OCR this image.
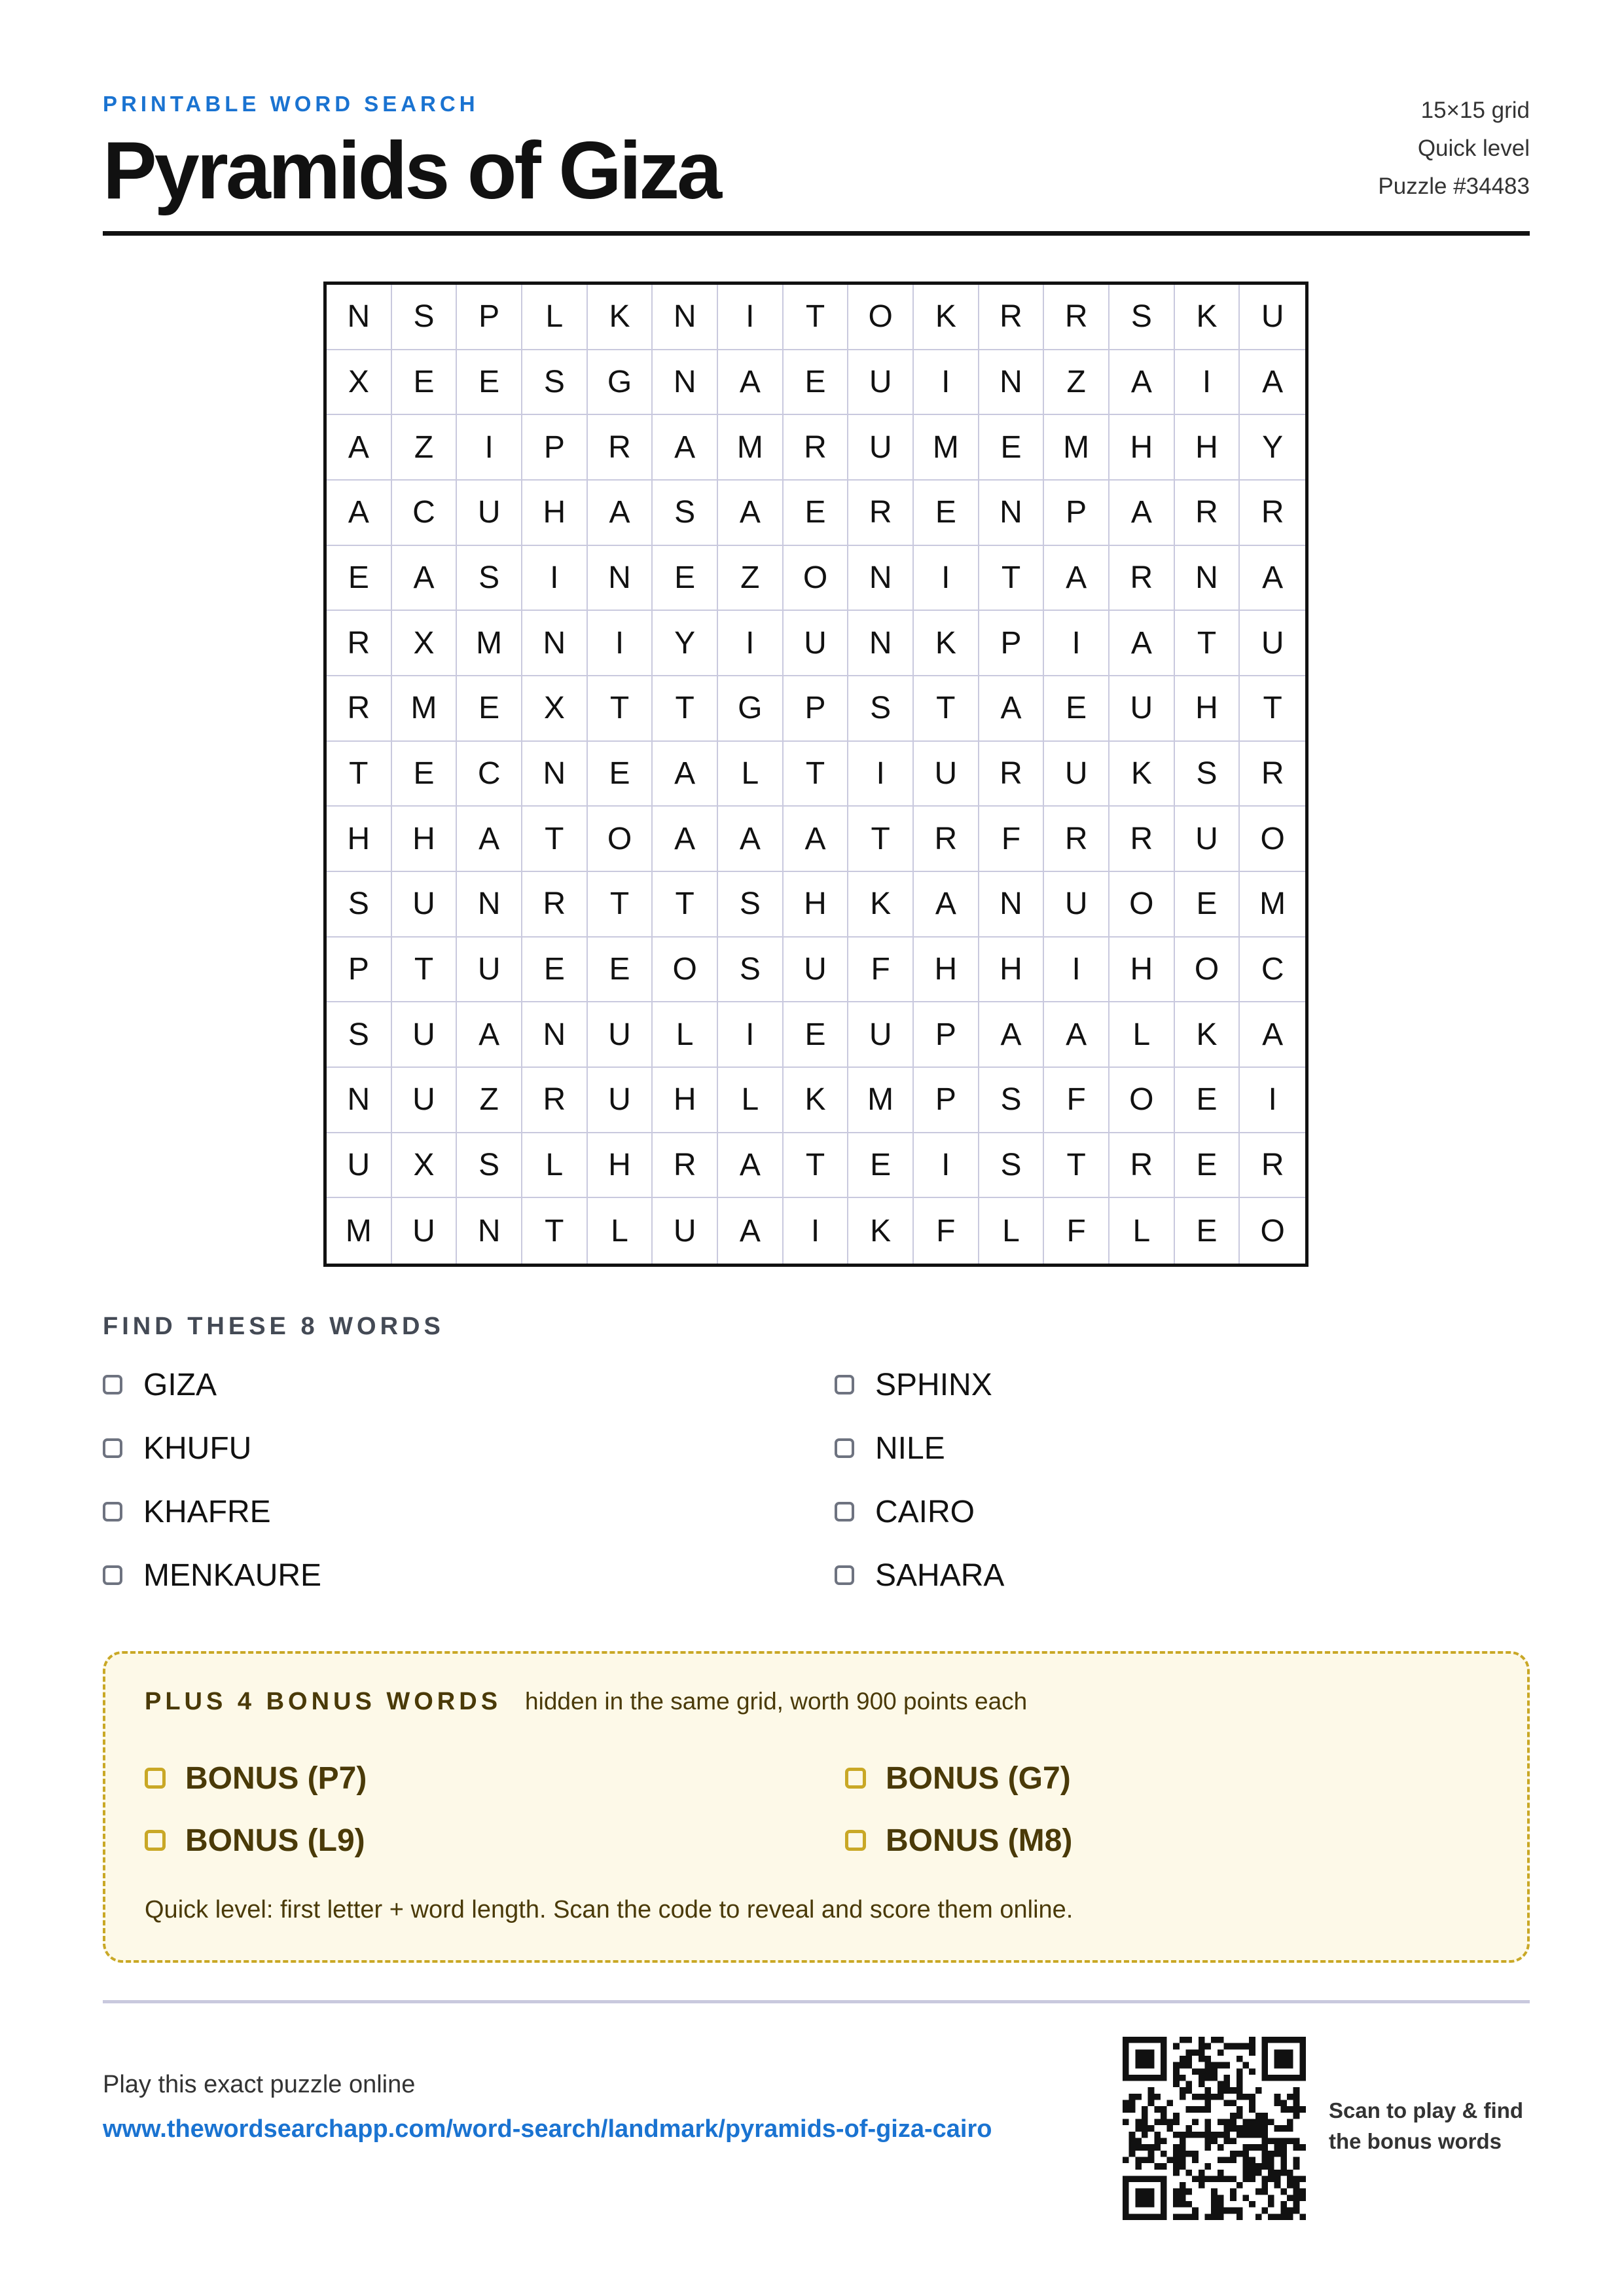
PRINTABLE WORD SEARCH
Pyramids of Giza
15×15 grid
Quick level
Puzzle #34483
N	S	P	L	K	N	I	T	O	K	R	R	S	K	U
X	E	E	S	G	N	A	E	U	I	N	Z	A	I	A
A	Z	I	P	R	A	M	R	U	M	E	M	H	H	Y
A	C	U	H	A	S	A	E	R	E	N	P	A	R	R
E	A	S	I	N	E	Z	O	N	I	T	A	R	N	A
R	X	M	N	I	Y	I	U	N	K	P	I	A	T	U
R	M	E	X	T	T	G	P	S	T	A	E	U	H	T
T	E	C	N	E	A	L	T	I	U	R	U	K	S	R
H	H	A	T	O	A	A	A	T	R	F	R	R	U	O
S	U	N	R	T	T	S	H	K	A	N	U	O	E	M
P	T	U	E	E	O	S	U	F	H	H	I	H	O	C
S	U	A	N	U	L	I	E	U	P	A	A	L	K	A
N	U	Z	R	U	H	L	K	M	P	S	F	O	E	I
U	X	S	L	H	R	A	T	E	I	S	T	R	E	R
M	U	N	T	L	U	A	I	K	F	L	F	L	E	O
FIND THESE 8 WORDS
GIZA	SPHINX
KHUFU	NILE
KHAFRE	CAIRO
MENKAURE	SAHARA
PLUS 4 BONUS WORDS hidden in the same grid, worth 900 points each
BONUS (P7)	BONUS (G7)
BONUS (L9)	BONUS (M8)
Quick level: first letter + word length. Scan the code to reveal and score them online.
Play this exact puzzle online
www.thewordsearchapp.com/word-search/landmark/pyramids-of-giza-cairo
Scan to play & find the bonus words
